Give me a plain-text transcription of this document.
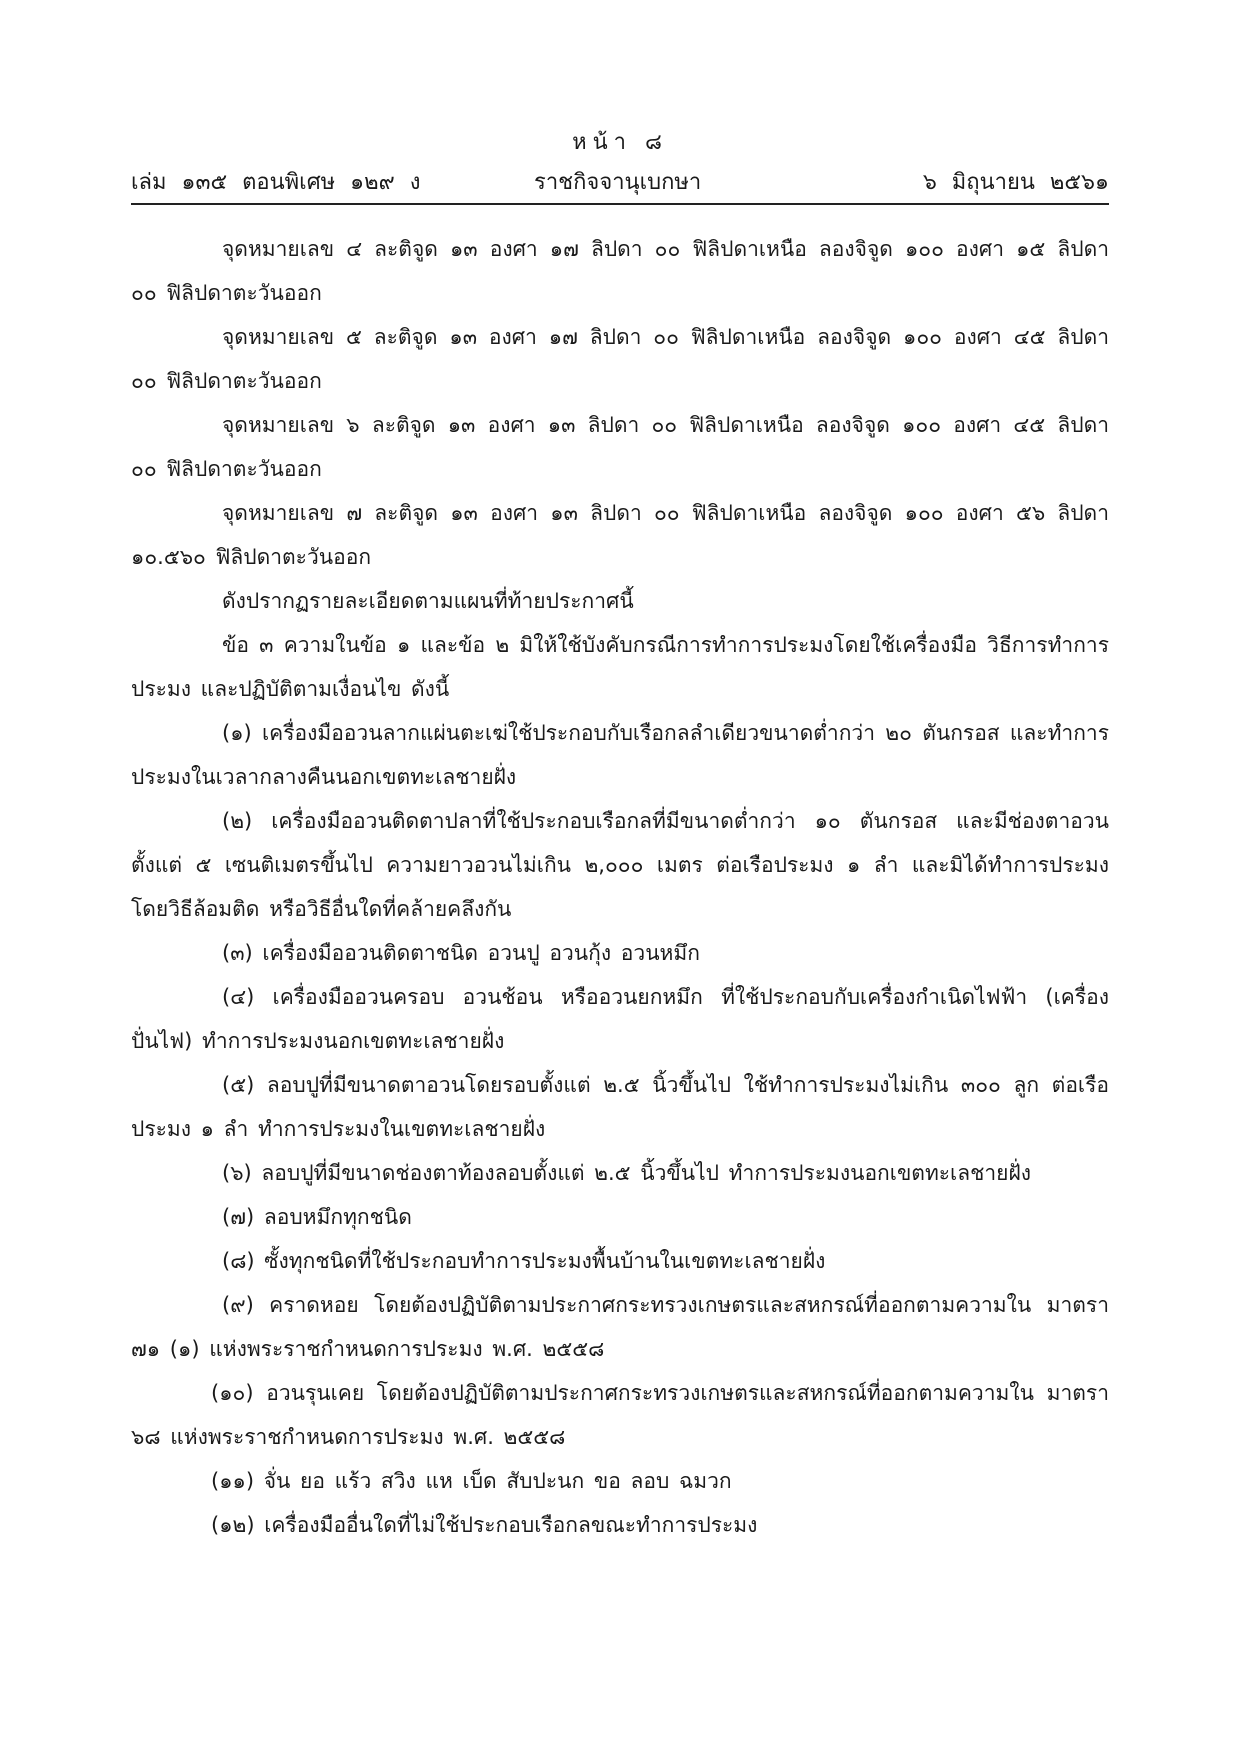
หน้า ๘
เล่ม ๑๓๕ ตอนพิเศษ ๑๒๙ ง	ราชกิจจานุเบกษา	๖ มิถุนายน ๒๕๖๑

จุดหมายเลข ๔ ละติจูด ๑๓ องศา ๑๗ ลิปดา ๐๐ ฟิลิปดาเหนือ ลองจิจูด ๑๐๐ องศา ๑๕ ลิปดา ๐๐ ฟิลิปดาตะวันออก

จุดหมายเลข ๕ ละติจูด ๑๓ องศา ๑๗ ลิปดา ๐๐ ฟิลิปดาเหนือ ลองจิจูด ๑๐๐ องศา ๔๕ ลิปดา ๐๐ ฟิลิปดาตะวันออก

จุดหมายเลข ๖ ละติจูด ๑๓ องศา ๑๓ ลิปดา ๐๐ ฟิลิปดาเหนือ ลองจิจูด ๑๐๐ องศา ๔๕ ลิปดา ๐๐ ฟิลิปดาตะวันออก

จุดหมายเลข ๗ ละติจูด ๑๓ องศา ๑๓ ลิปดา ๐๐ ฟิลิปดาเหนือ ลองจิจูด ๑๐๐ องศา ๕๖ ลิปดา ๑๐.๕๖๐ ฟิลิปดาตะวันออก

ดังปรากฏรายละเอียดตามแผนที่ท้ายประกาศนี้

ข้อ ๓ ความในข้อ ๑ และข้อ ๒ มิให้ใช้บังคับกรณีการทำการประมงโดยใช้เครื่องมือ วิธีการทำการประมง และปฏิบัติตามเงื่อนไข ดังนี้

(๑) เครื่องมืออวนลากแผ่นตะเฆ่ใช้ประกอบกับเรือกลลำเดียวขนาดต่ำกว่า ๒๐ ตันกรอส และทำการประมงในเวลากลางคืนนอกเขตทะเลชายฝั่ง

(๒) เครื่องมืออวนติดตาปลาที่ใช้ประกอบเรือกลที่มีขนาดต่ำกว่า ๑๐ ตันกรอส และมีช่องตาอวนตั้งแต่ ๕ เซนติเมตรขึ้นไป ความยาวอวนไม่เกิน ๒,๐๐๐ เมตร ต่อเรือประมง ๑ ลำ และมิได้ทำการประมงโดยวิธีล้อมติด หรือวิธีอื่นใดที่คล้ายคลึงกัน

(๓) เครื่องมืออวนติดตาชนิด อวนปู อวนกุ้ง อวนหมึก

(๔) เครื่องมืออวนครอบ อวนช้อน หรืออวนยกหมึก ที่ใช้ประกอบกับเครื่องกำเนิดไฟฟ้า (เครื่องปั่นไฟ) ทำการประมงนอกเขตทะเลชายฝั่ง

(๕) ลอบปูที่มีขนาดตาอวนโดยรอบตั้งแต่ ๒.๕ นิ้วขึ้นไป ใช้ทำการประมงไม่เกิน ๓๐๐ ลูก ต่อเรือประมง ๑ ลำ ทำการประมงในเขตทะเลชายฝั่ง

(๖) ลอบปูที่มีขนาดช่องตาท้องลอบตั้งแต่ ๒.๕ นิ้วขึ้นไป ทำการประมงนอกเขตทะเลชายฝั่ง

(๗) ลอบหมึกทุกชนิด

(๘) ซั้งทุกชนิดที่ใช้ประกอบทำการประมงพื้นบ้านในเขตทะเลชายฝั่ง

(๙) คราดหอย โดยต้องปฏิบัติตามประกาศกระทรวงเกษตรและสหกรณ์ที่ออกตามความใน มาตรา ๗๑ (๑) แห่งพระราชกำหนดการประมง พ.ศ. ๒๕๕๘

(๑๐) อวนรุนเคย โดยต้องปฏิบัติตามประกาศกระทรวงเกษตรและสหกรณ์ที่ออกตามความใน มาตรา ๖๘ แห่งพระราชกำหนดการประมง พ.ศ. ๒๕๕๘

(๑๑) จั่น ยอ แร้ว สวิง แห เบ็ด สับปะนก ขอ ลอบ ฉมวก

(๑๒) เครื่องมืออื่นใดที่ไม่ใช้ประกอบเรือกลขณะทำการประมง
